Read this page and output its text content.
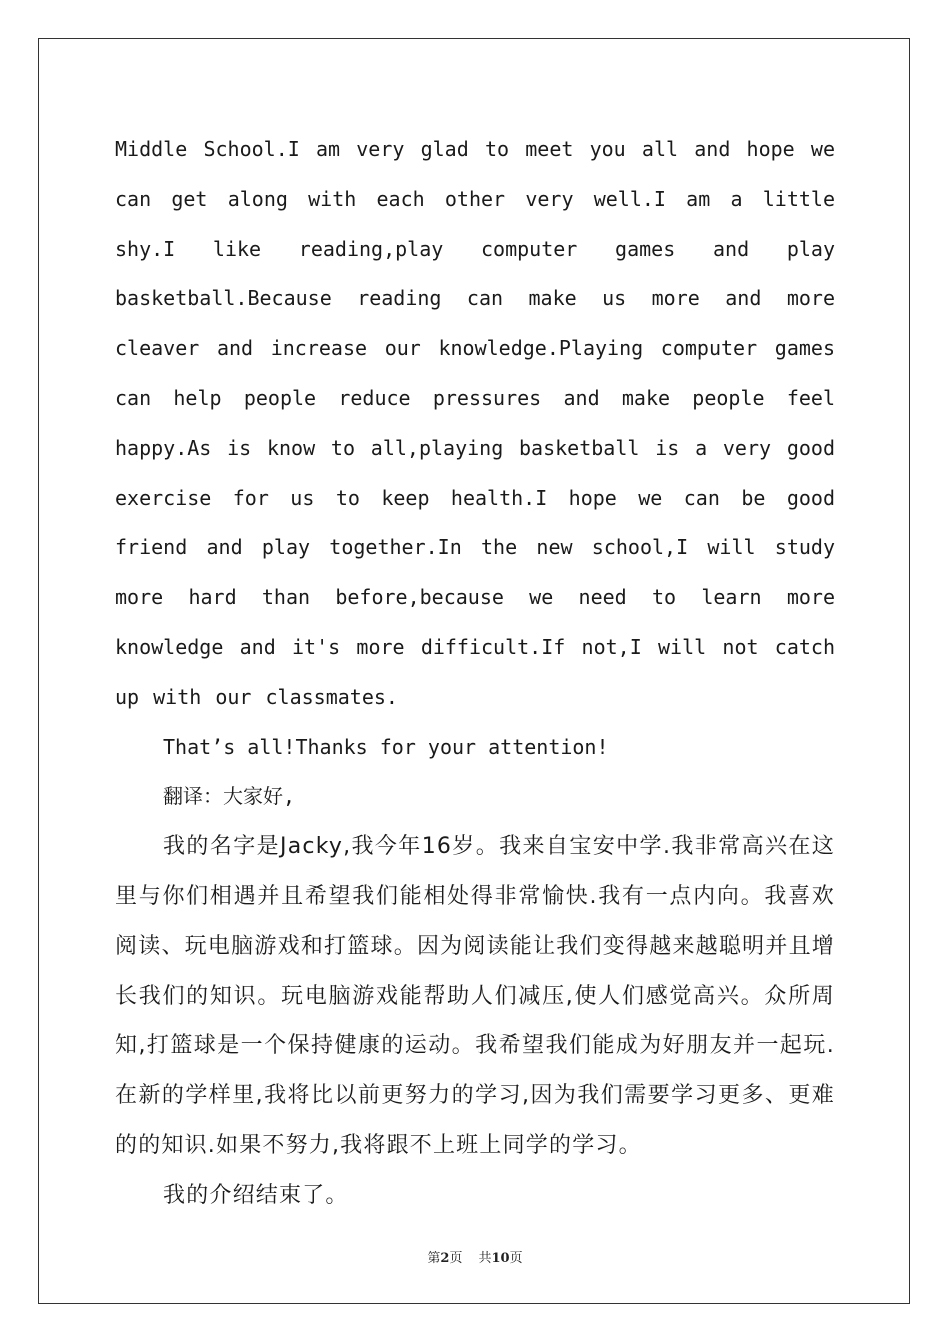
Middle School.I am very glad to meet you all and hope we can get along with each other very well.I am a little shy.I like reading,play computer games and play basketball.Because reading can make us more and more cleaver and increase our knowledge.Playing computer games can help people reduce pressures and make people feel happy.As is know to all,playing basketball is a very good exercise for us to keep health.I hope we can be good friend and play together.In the new school,I will study more hard than before,because we need to learn more knowledge and it's more difficult.If not,I will not catch up with our classmates.

That’s all!Thanks for your attention!

翻译：大家好,

我的名字是Jacky,我今年16岁。我来自宝安中学.我非常高兴在这里与你们相遇并且希望我们能相处得非常愉快.我有一点内向。我喜欢阅读、玩电脑游戏和打篮球。因为阅读能让我们变得越来越聪明并且增长我们的知识。玩电脑游戏能帮助人们减压,使人们感觉高兴。众所周知,打篮球是一个保持健康的运动。我希望我们能成为好朋友并一起玩. 在新的学样里,我将比以前更努力的学习,因为我们需要学习更多、更难的的知识.如果不努力,我将跟不上班上同学的学习。

我的介绍结束了。

第2页 共10页
